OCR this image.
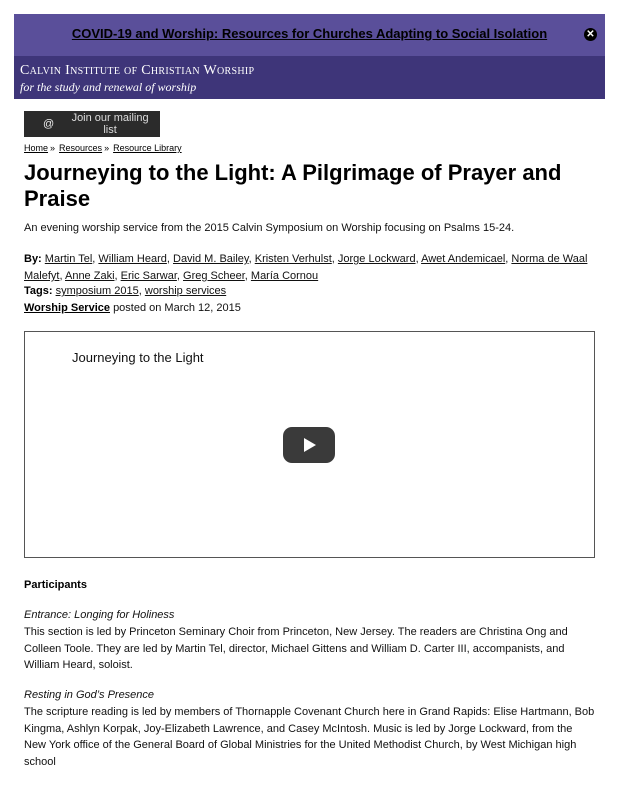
COVID-19 and Worship: Resources for Churches Adapting to Social Isolation	✕
Calvin Institute of Christian Worship
for the study and renewal of worship
@	Join our mailing list
Home » Resources » Resource Library
Journeying to the Light: A Pilgrimage of Prayer and Praise
An evening worship service from the 2015 Calvin Symposium on Worship focusing on Psalms 15-24.
By: Martin Tel, William Heard, David M. Bailey, Kristen Verhulst, Jorge Lockward, Awet Andemicael, Norma de Waal Malefyt, Anne Zaki, Eric Sarwar, Greg Scheer, María Cornou
Tags: symposium 2015, worship services
Worship Service posted on March 12, 2015
Journeying to the Light
Participants
Entrance: Longing for Holiness
This section is led by Princeton Seminary Choir from Princeton, New Jersey. The readers are Christina Ong and Colleen Toole. They are led by Martin Tel, director, Michael Gittens and William D. Carter III, accompanists, and William Heard, soloist.
Resting in God’s Presence
The scripture reading is led by members of Thornapple Covenant Church here in Grand Rapids: Elise Hartmann, Bob Kingma, Ashlyn Korpak, Joy-Elizabeth Lawrence, and Casey McIntosh. Music is led by Jorge Lockward, from the New York office of the General Board of Global Ministries for the United Methodist Church, by West Michigan high school
